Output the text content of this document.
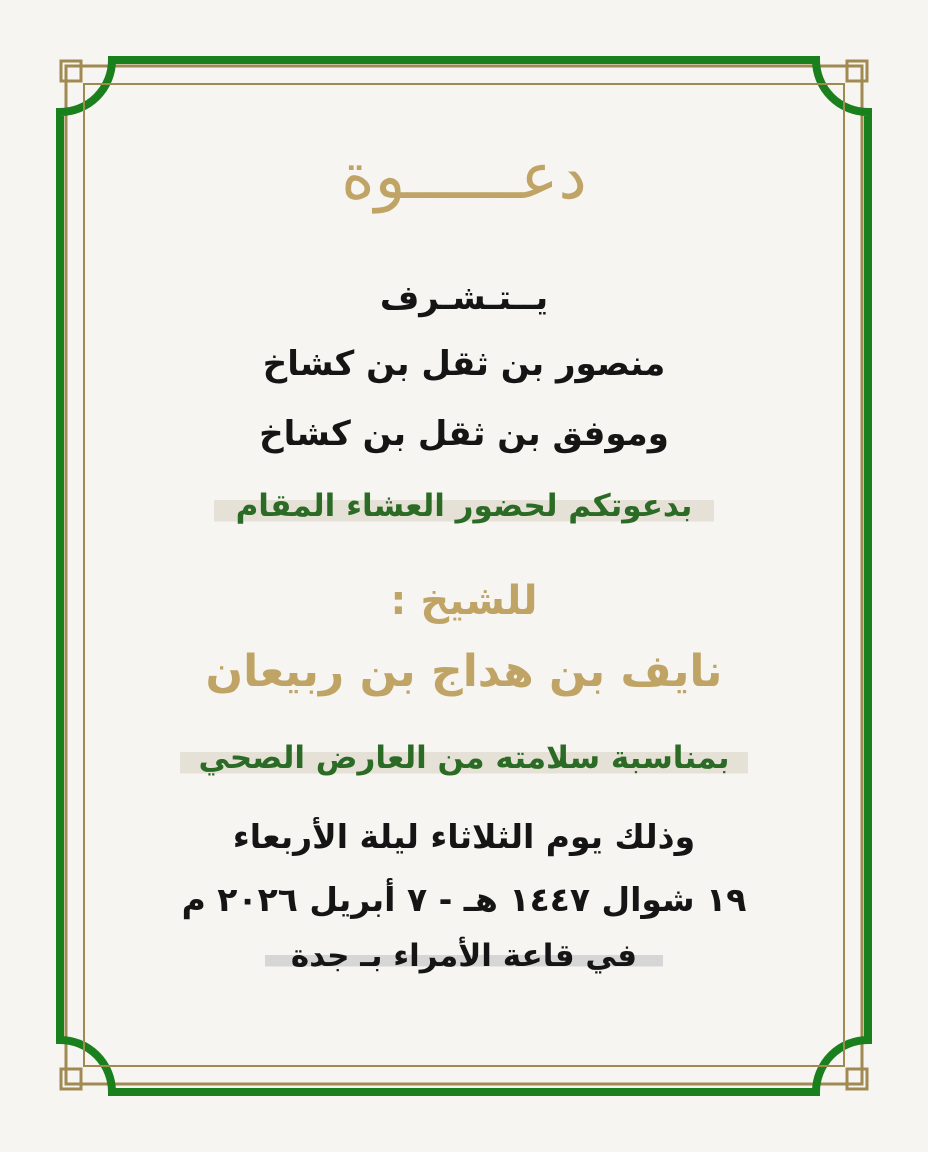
دعــــــوة
يــتـشـرف
منصور بن ثقل بن كشاخ
وموفق بن ثقل بن كشاخ
بدعوتكم لحضور العشاء المقام
للشيخ :
نايف بن هداج بن ربيعان
بمناسبة سلامته من العارض الصحي
وذلك يوم الثلاثاء ليلة الأربعاء
١٩ شوال ١٤٤٧ هـ - ٧ أبريل ٢٠٢٦ م
في قاعة الأمراء بـ جدة
